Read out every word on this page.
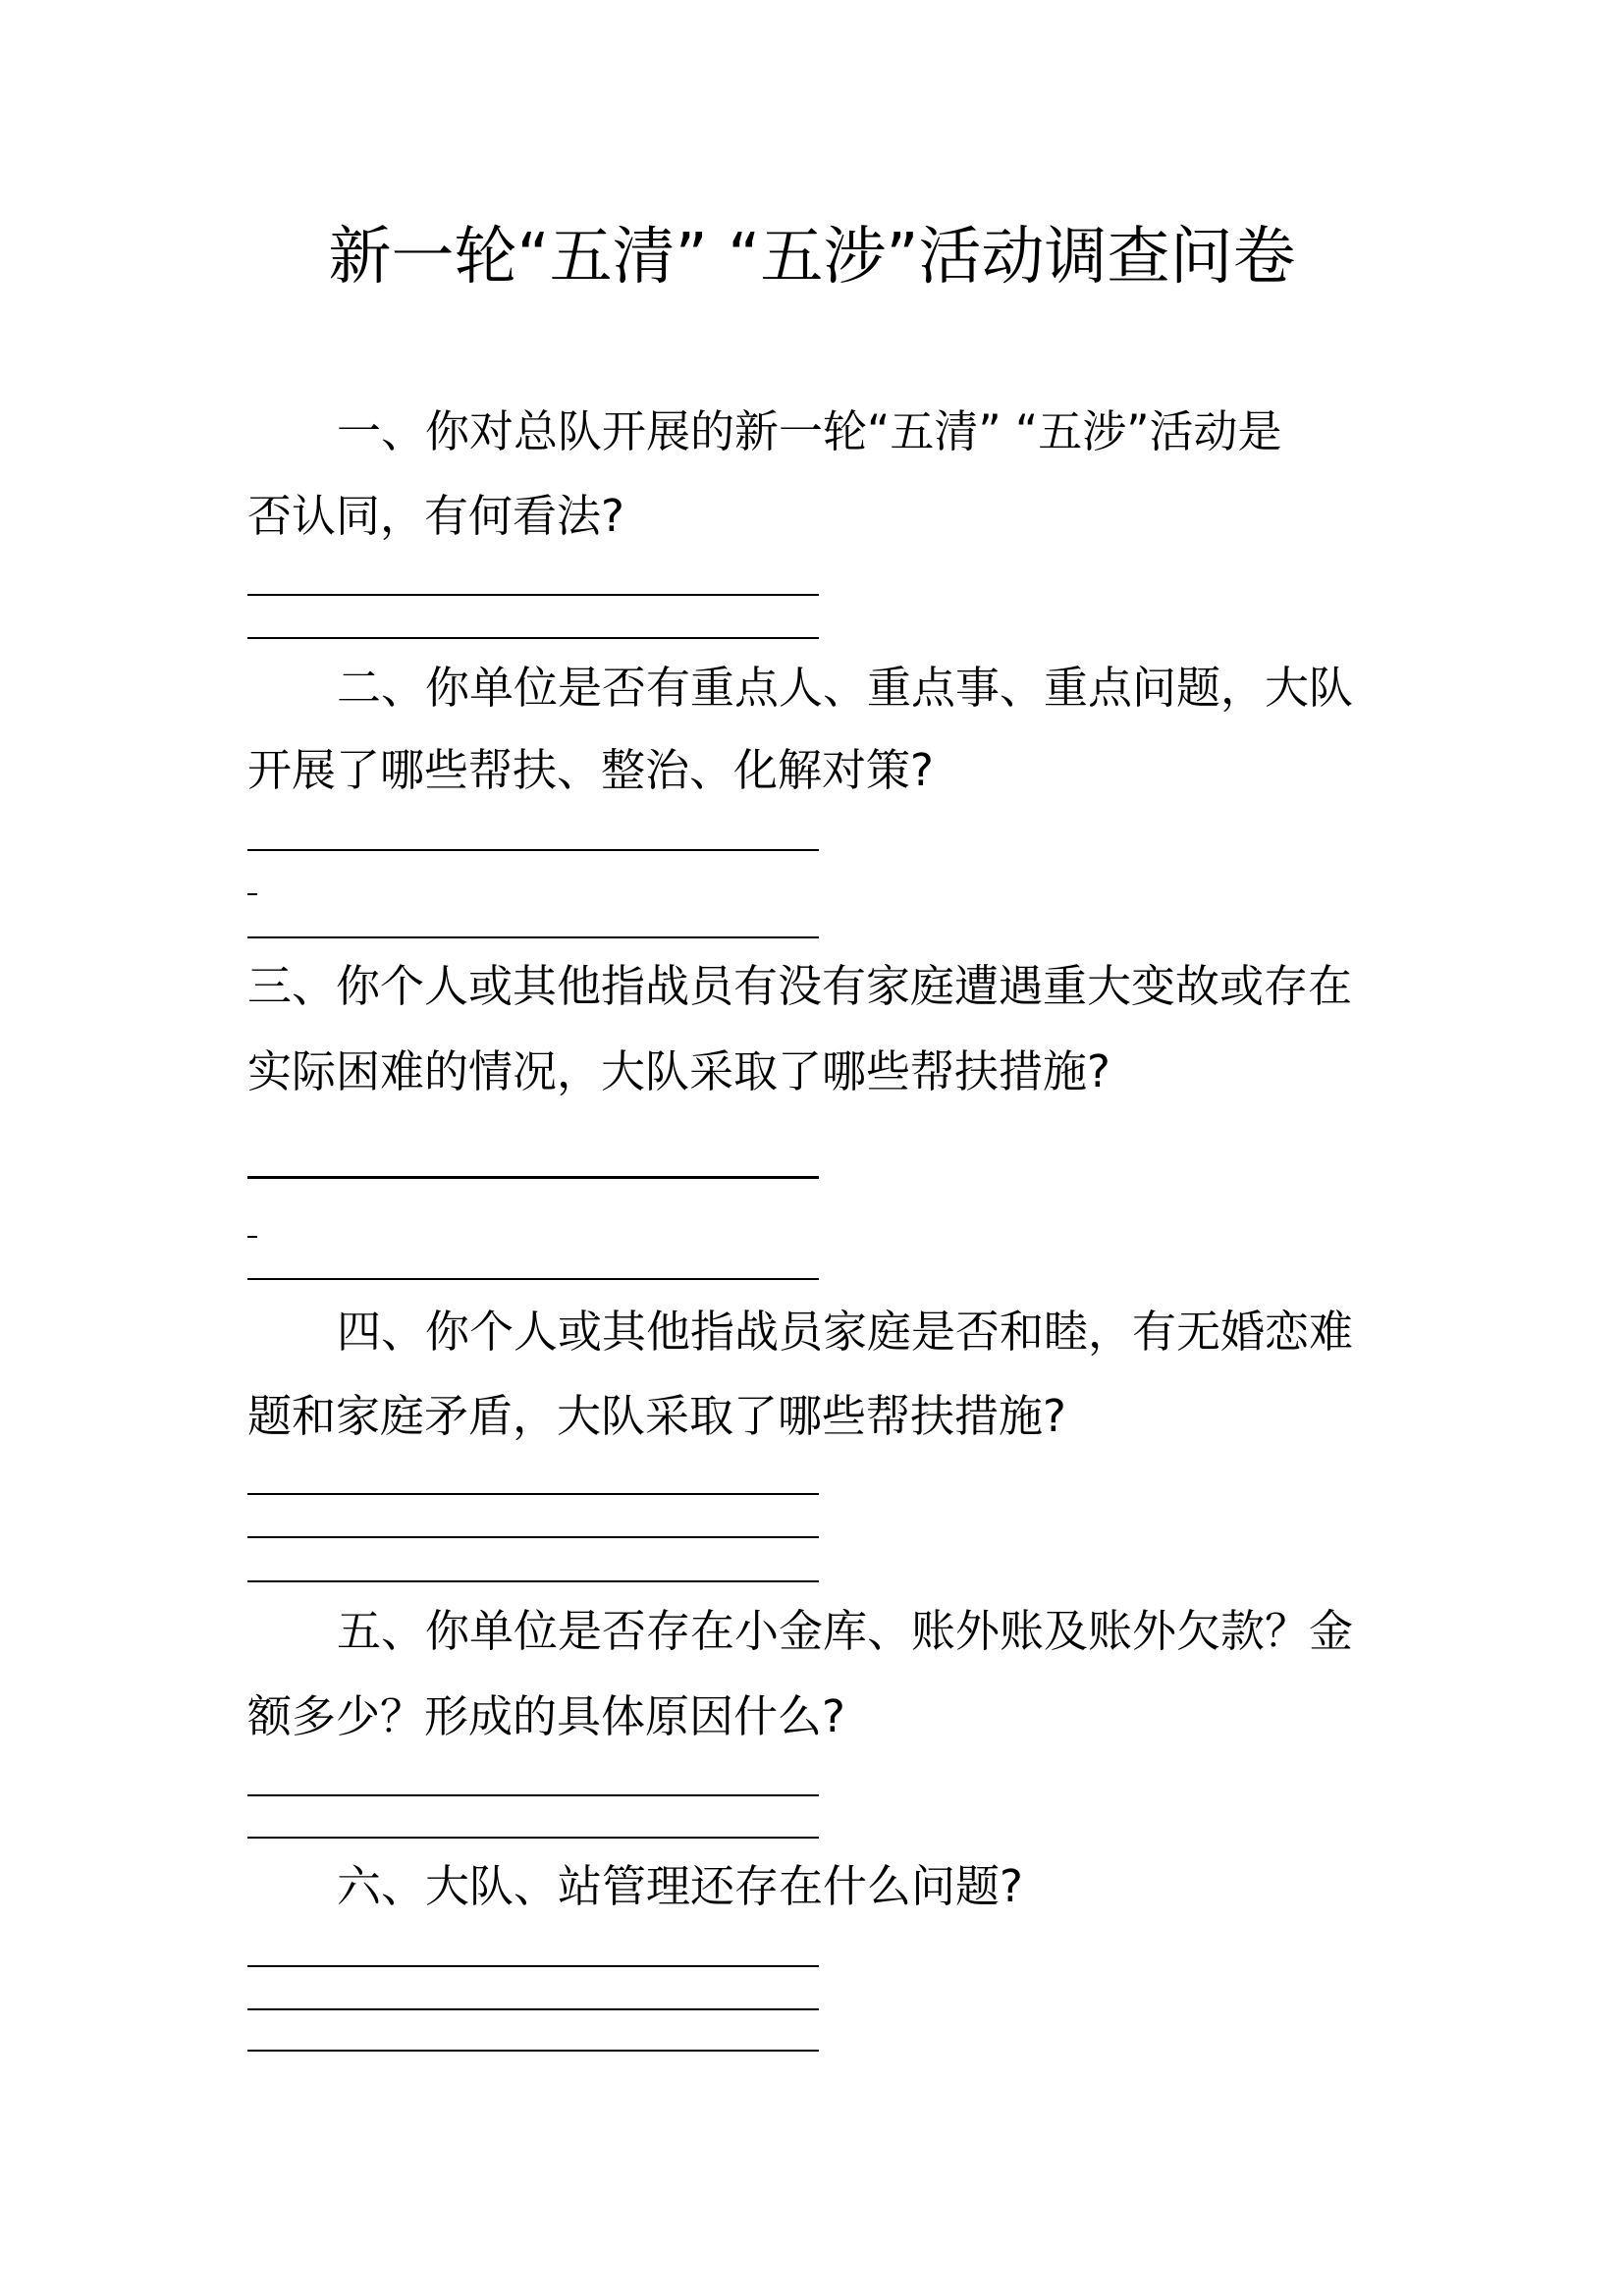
新一轮“五清” “五涉”活动调查问卷
一、你对总队开展的新一轮“五清” “五涉”活动是
否认同，有何看法?
二、你单位是否有重点人、重点事、重点问题，大队
开展了哪些帮扶、整治、化解对策?
三、你个人或其他指战员有没有家庭遭遇重大变故或存在
实际困难的情况，大队采取了哪些帮扶措施?
四、你个人或其他指战员家庭是否和睦，有无婚恋难
题和家庭矛盾，大队采取了哪些帮扶措施?
五、你单位是否存在小金库、账外账及账外欠款？金
额多少？形成的具体原因什么?
六、大队、站管理还存在什么问题?
